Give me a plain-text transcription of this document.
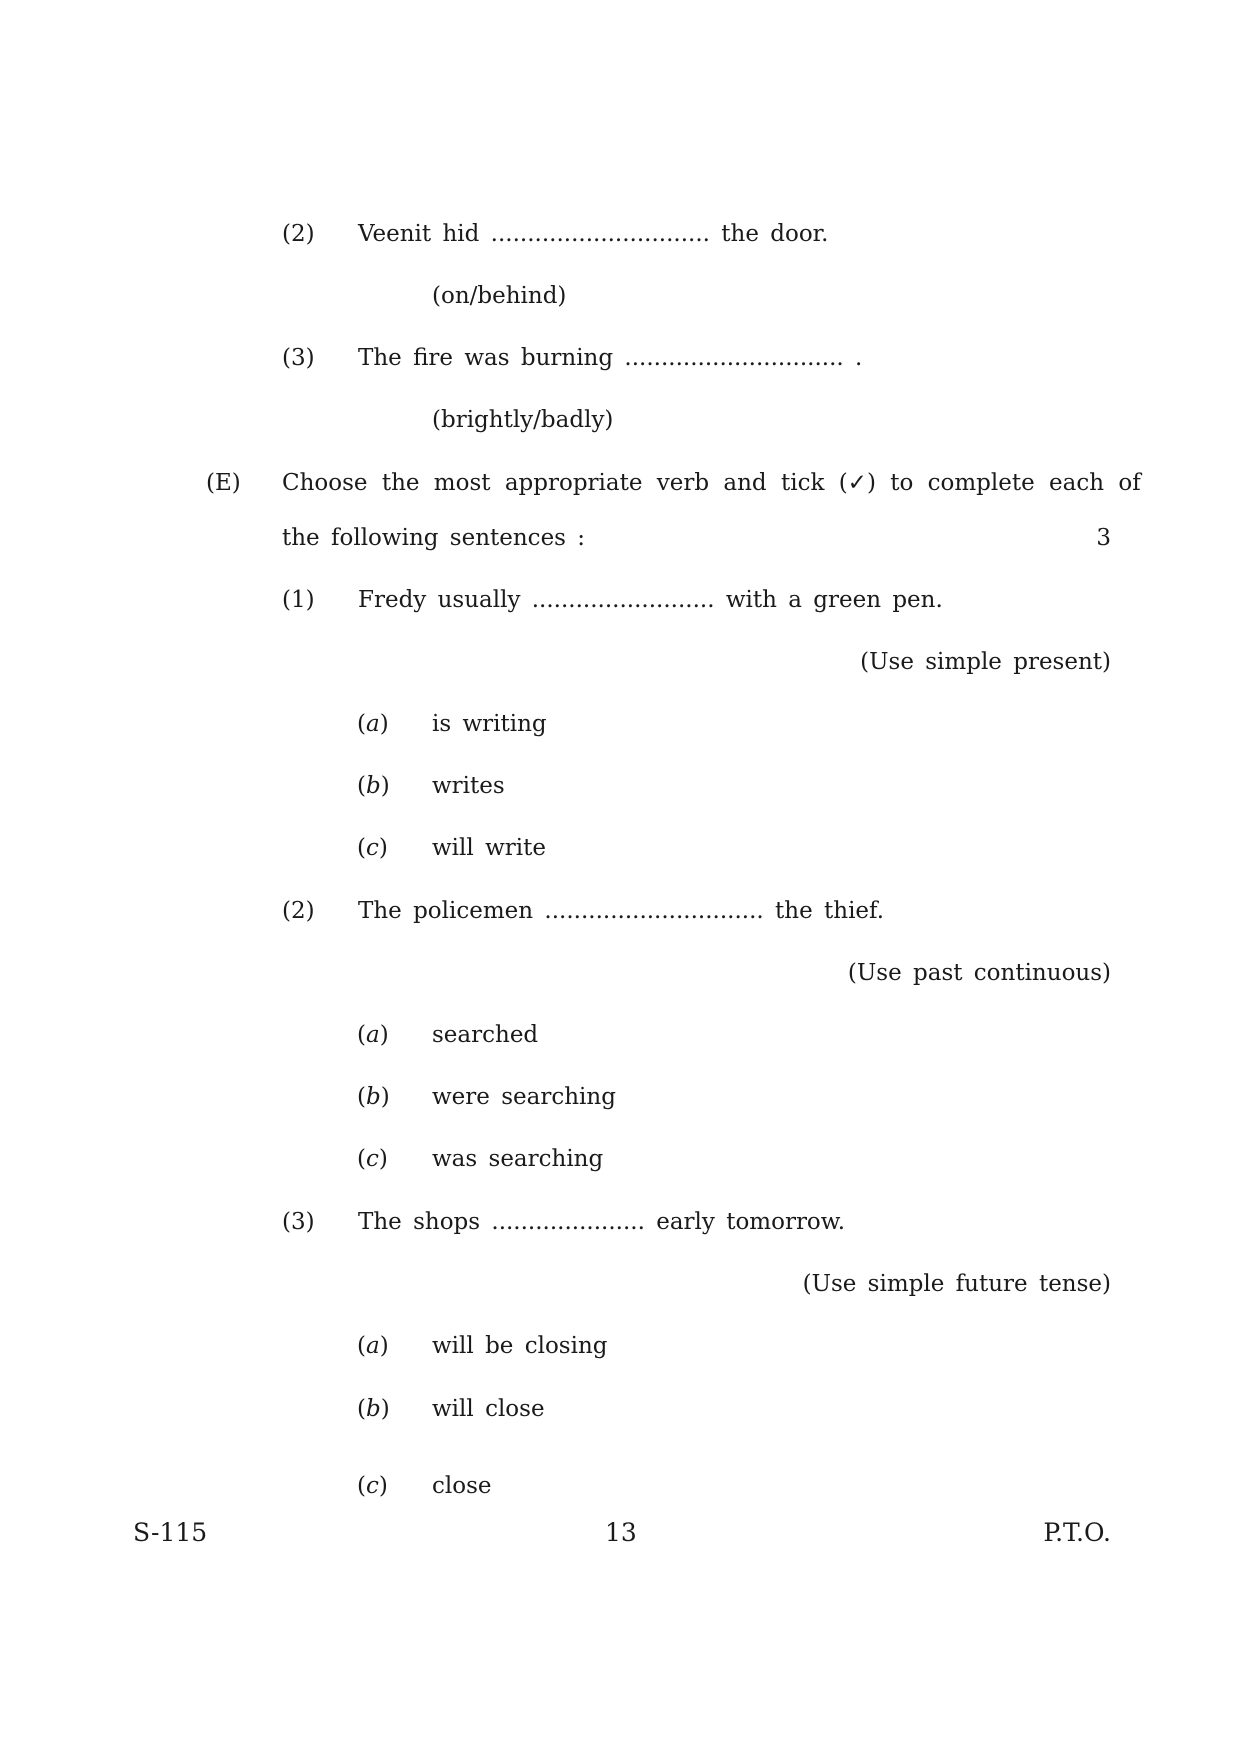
(2) Veenit hid .............................. the door.
(on/behind)
(3) The fire was burning .............................. .
(brightly/badly)
(E) Choose the most appropriate verb and tick (✓) to complete each of
the following sentences :	3
(1) Fredy usually ......................... with a green pen.
(Use simple present)
(a) is writing
(b) writes
(c) will write
(2) The policemen .............................. the thief.
(Use past continuous)
(a) searched
(b) were searching
(c) was searching
(3) The shops ..................... early tomorrow.
(Use simple future tense)
(a) will be closing
(b) will close
(c) close
S-115	13	P.T.O.
